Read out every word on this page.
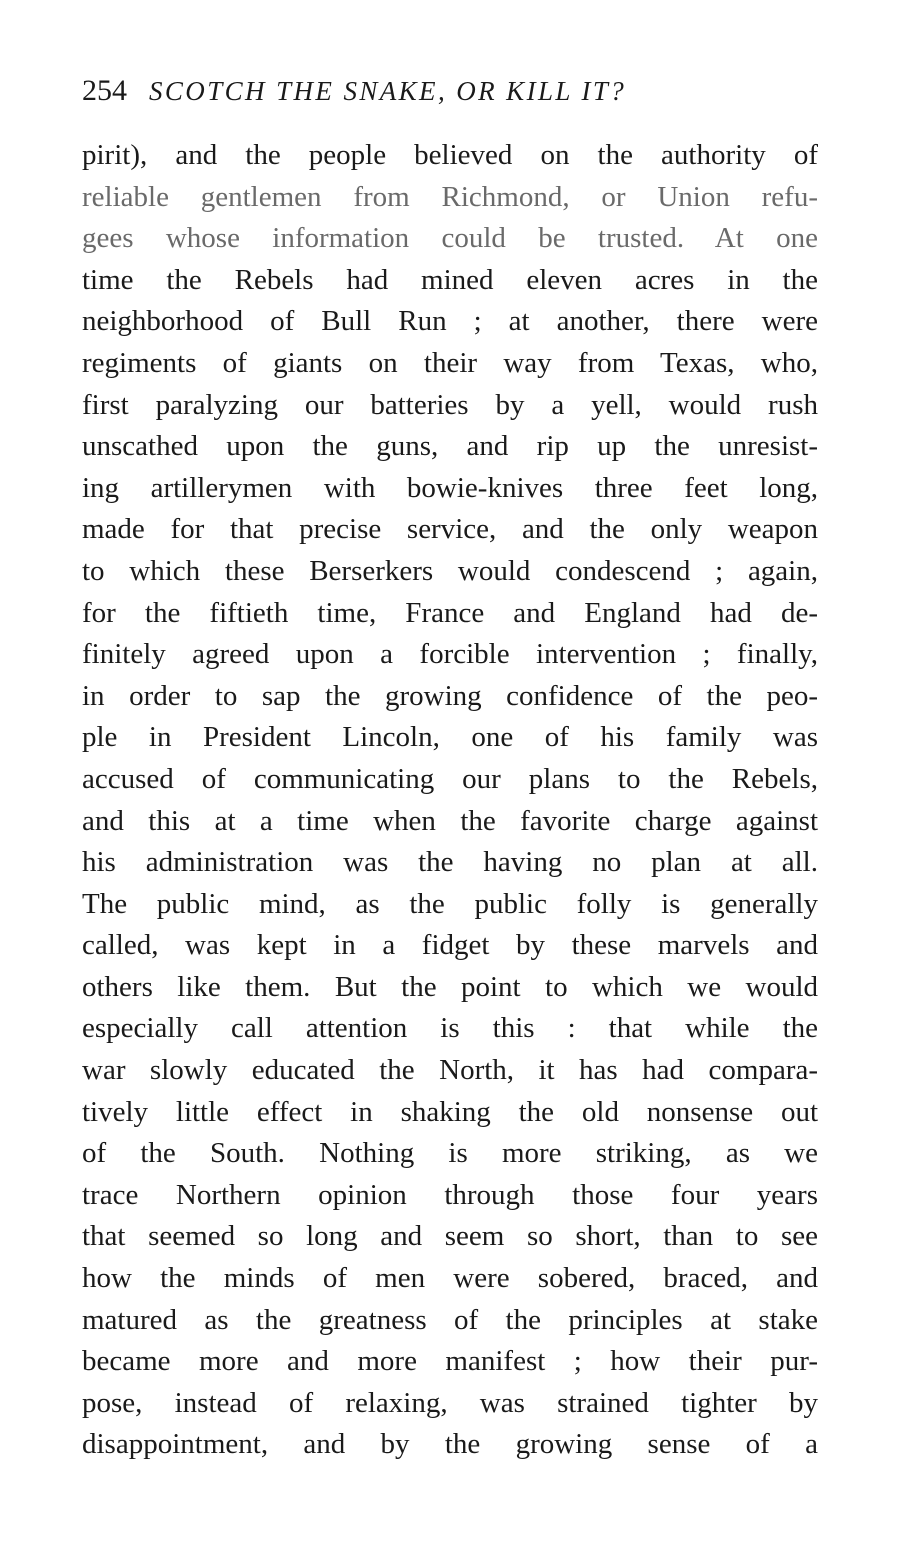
254 SCOTCH THE SNAKE, OR KILL IT?
pirit), and the people believed on the authority of
reliable gentlemen from Richmond, or Union refu-
gees whose information could be trusted. At one
time the Rebels had mined eleven acres in the
neighborhood of Bull Run ; at another, there were
regiments of giants on their way from Texas, who,
first paralyzing our batteries by a yell, would rush
unscathed upon the guns, and rip up the unresist-
ing artillerymen with bowie-knives three feet long,
made for that precise service, and the only weapon
to which these Berserkers would condescend ; again,
for the fiftieth time, France and England had de-
finitely agreed upon a forcible intervention ; finally,
in order to sap the growing confidence of the peo-
ple in President Lincoln, one of his family was
accused of communicating our plans to the Rebels,
and this at a time when the favorite charge against
his administration was the having no plan at all.
The public mind, as the public folly is generally
called, was kept in a fidget by these marvels and
others like them. But the point to which we would
especially call attention is this : that while the
war slowly educated the North, it has had compara-
tively little effect in shaking the old nonsense out
of the South. Nothing is more striking, as we
trace Northern opinion through those four years
that seemed so long and seem so short, than to see
how the minds of men were sobered, braced, and
matured as the greatness of the principles at stake
became more and more manifest ; how their pur-
pose, instead of relaxing, was strained tighter by
disappointment, and by the growing sense of a
